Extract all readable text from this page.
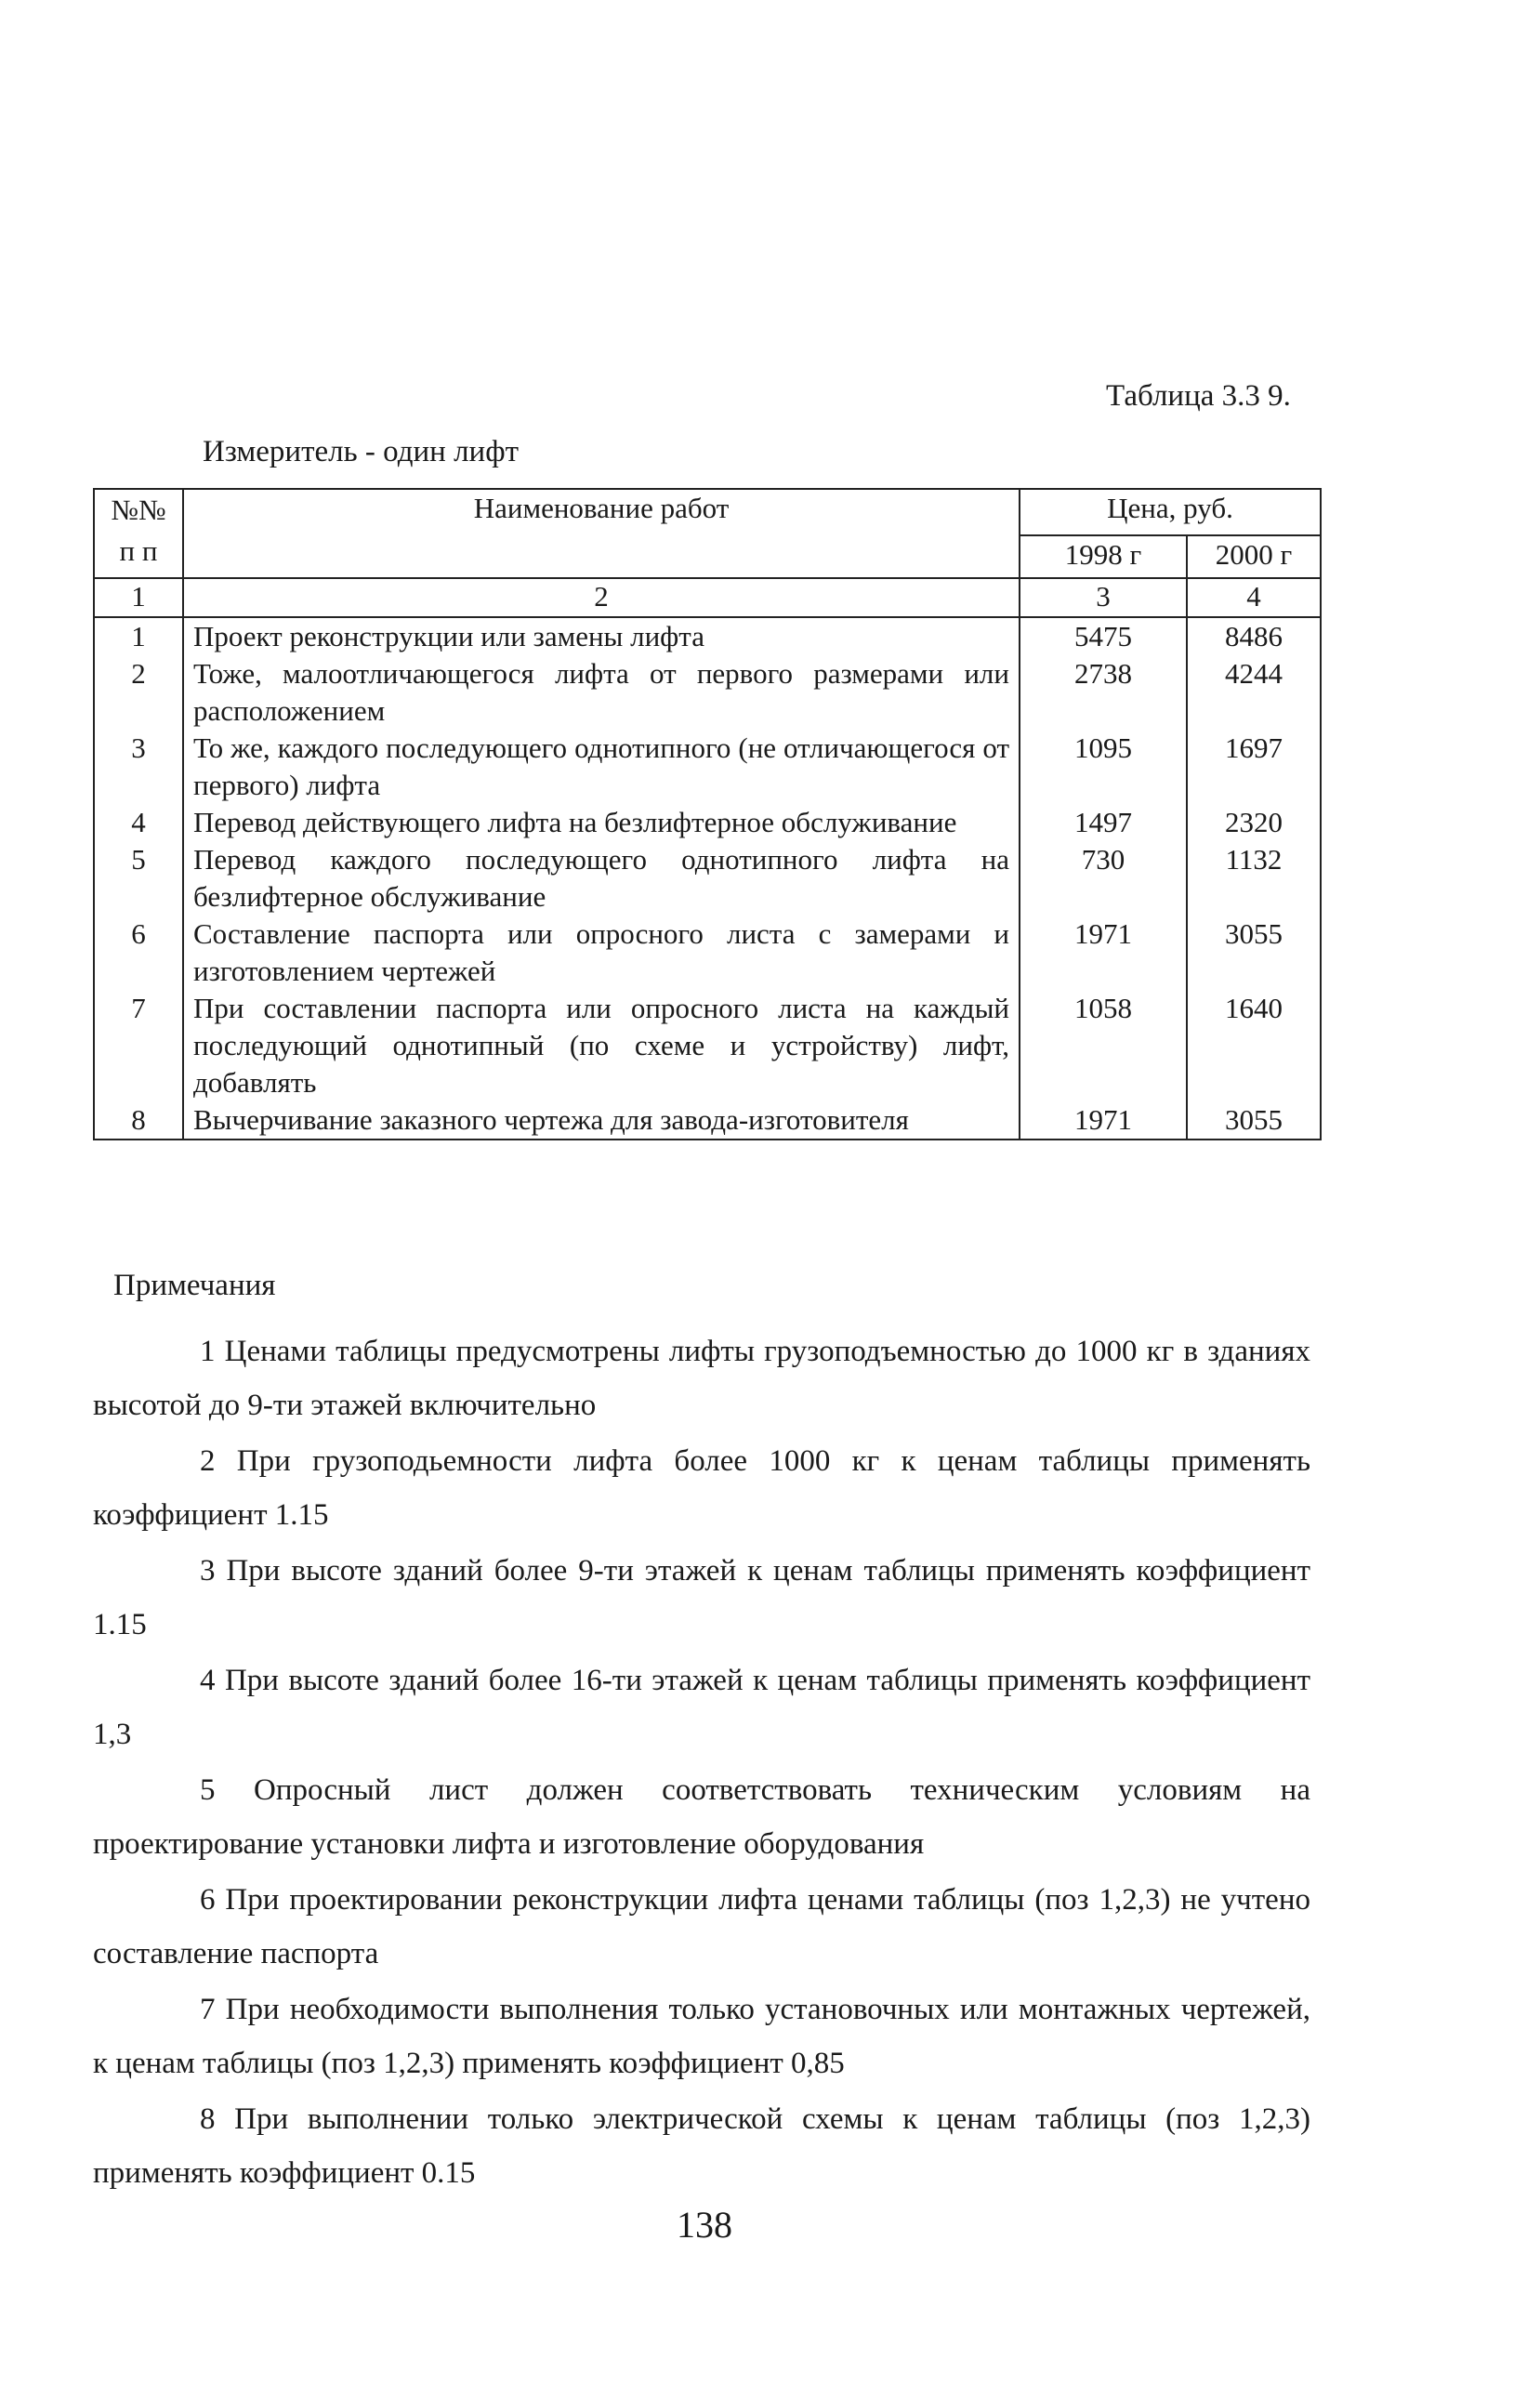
Таблица 3.3 9.
Измеритель - один лифт
№№
п п	Наименование работ	Цена, руб.	
		1998 г	2000 г
1	2	3	4
1	Проект реконструкции или замены лифта	5475	8486
2	Тоже, малоотличающегося лифта от первого размерами или расположением	2738	4244
3	То же, каждого последующего однотипного (не отличающегося от первого) лифта	1095	1697
4	Перевод действующего лифта на безлифтерное обслуживание	1497	2320
5	Перевод каждого последующего однотипного лифта на безлифтерное обслуживание	730	1132
6	Составление паспорта или опросного листа с замерами и изготовлением чертежей	1971	3055
7	При составлении паспорта или опросного листа на каждый последующий однотипный (по схеме и устройству) лифт, добавлять	1058	1640
8	Вычерчивание заказного чертежа для завода-изготовителя	1971	3055
Примечания

1 Ценами таблицы предусмотрены лифты грузоподъемностью до 1000 кг в зданиях высотой до 9-ти этажей включительно

2 При грузоподьемности лифта более 1000 кг к ценам таблицы применять коэффициент 1.15

3 При высоте зданий более 9-ти этажей к ценам таблицы применять коэффициент 1.15

4 При высоте зданий более 16-ти этажей к ценам таблицы применять коэффициент 1,3

5 Опросный лист должен соответствовать техническим условиям на проектирование установки лифта и изготовление оборудования

6 При проектировании реконструкции лифта ценами таблицы (поз 1,2,3) не учтено составление паспорта

7 При необходимости выполнения только установочных или монтажных чертежей, к ценам таблицы (поз 1,2,3) применять коэффициент 0,85

8 При выполнении только электрической схемы к ценам таблицы (поз 1,2,3) применять коэффициент 0.15

138
